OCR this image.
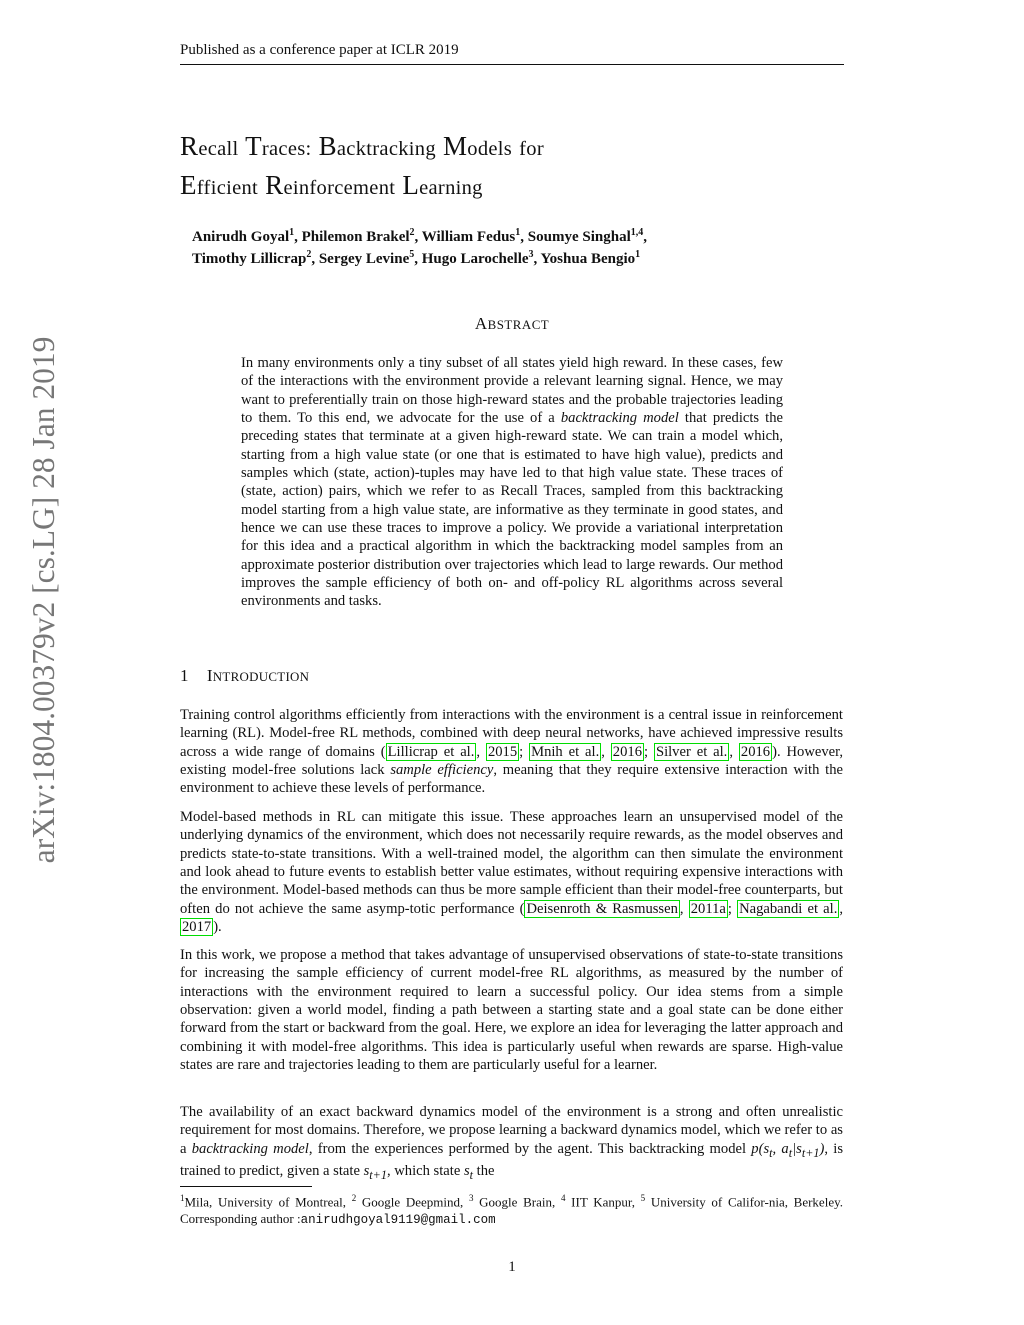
Published as a conference paper at ICLR 2019
arXiv:1804.00379v2 [cs.LG] 28 Jan 2019
Recall Traces: Backtracking Models for
Efficient Reinforcement Learning
Anirudh Goyal$^1$, Philemon Brakel$^2$, William Fedus$^1$, Soumye Singhal$^{1,4}$,
Timothy Lillicrap$^2$, Sergey Levine$^5$, Hugo Larochelle$^3$, Yoshua Bengio$^1$
ABSTRACT
In many environments only a tiny subset of all states yield high reward. In these cases, few of the interactions with the environment provide a relevant learning signal. Hence, we may want to preferentially train on those high-reward states and the probable trajectories leading to them. To this end, we advocate for the use of a backtracking model that predicts the preceding states that terminate at a given high-reward state. We can train a model which, starting from a high value state (or one that is estimated to have high value), predicts and samples which (state, action)-tuples may have led to that high value state. These traces of (state, action) pairs, which we refer to as Recall Traces, sampled from this backtracking model starting from a high value state, are informative as they terminate in good states, and hence we can use these traces to improve a policy. We provide a variational interpretation for this idea and a practical algorithm in which the backtracking model samples from an approximate posterior distribution over trajectories which lead to large rewards. Our method improves the sample efficiency of both on- and off-policy RL algorithms across several environments and tasks.
1 INTRODUCTION
Training control algorithms efficiently from interactions with the environment is a central issue in reinforcement learning (RL). Model-free RL methods, combined with deep neural networks, have achieved impressive results across a wide range of domains ( Lillicrap et al. , 2015 ; Mnih et al. , 2016 ; Silver et al. , 2016 ). However, existing model-free solutions lack sample efficiency, meaning that they require extensive interaction with the environment to achieve these levels of performance.
Model-based methods in RL can mitigate this issue. These approaches learn an unsupervised model of the underlying dynamics of the environment, which does not necessarily require rewards, as the model observes and predicts state-to-state transitions. With a well-trained model, the algorithm can then simulate the environment and look ahead to future events to establish better value estimates, without requiring expensive interactions with the environment. Model-based methods can thus be more sample efficient than their model-free counterparts, but often do not achieve the same asymp-totic performance ( Deisenroth & Rasmussen , 2011a ; Nagabandi et al. , 2017 ).
In this work, we propose a method that takes advantage of unsupervised observations of state-to-state transitions for increasing the sample efficiency of current model-free RL algorithms, as measured by the number of interactions with the environment required to learn a successful policy. Our idea stems from a simple observation: given a world model, finding a path between a starting state and a goal state can be done either forward from the start or backward from the goal. Here, we explore an idea for leveraging the latter approach and combining it with model-free algorithms. This idea is particularly useful when rewards are sparse. High-value states are rare and trajectories leading to them are particularly useful for a learner.
The availability of an exact backward dynamics model of the environment is a strong and often unrealistic requirement for most domains. Therefore, we propose learning a backward dynamics model, which we refer to as a backtracking model, from the experiences performed by the agent. This backtracking model $p(s_t$, $a_t|s_{t+1}$), is trained to predict, given a state $s_{t+1}$, which state $s_t$ the
$^1$Mila, University of Montreal, $^2$ Google Deepmind, $^3$ Google Brain, $^4$ IIT Kanpur, $^5$ University of Califor-nia, Berkeley. Corresponding author :anirudhgoyal9119@gmail.com
1
